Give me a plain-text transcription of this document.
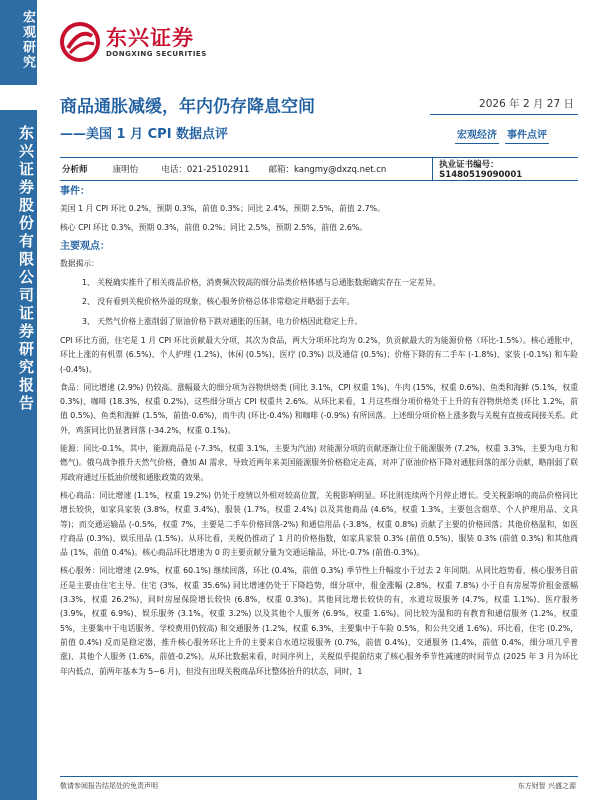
宏观研究
东兴证券股份有限公司证券研究报告
东兴证券
DONGXING SECURITIES
商品通胀减缓，年内仍存降息空间
——美国 1 月 CPI 数据点评
2026 年 2 月 27 日
宏观经济 事件点评
分析师	康明怡	电话：021-25102911	邮箱：kangmy@dxzq.net.cn	执业证书编号：S1480519090001
事件：
美国 1 月 CPI 环比 0.2%，预期 0.3%，前值 0.3%；同比 2.4%，预期 2.5%，前值 2.7%。
核心 CPI 环比 0.3%，预期 0.3%，前值 0.2%；同比 2.5%，预期 2.5%，前值 2.6%。
主要观点：
数据揭示：
1、 关税确实推升了相关商品价格，消费频次较高的细分品类价格体感与总通胀数据确实存在一定差异。
2、 没有看到关税价格外溢的现象，核心服务价格总体非常稳定并略弱于去年。
3、 天然气价格上涨削弱了原油价格下跌对通胀的压制，电力价格因此稳定上升。
CPI 环比方面，住宅是 1 月 CPI 环比贡献最大分项，其次为食品，两大分项环比均为 0.2%，负贡献最大的为能源价格（环比-1.5%）。核心通胀中，环比上涨的有机票 (6.5%)、个人护理 (1.2%)、休闲 (0.5%)、医疗 (0.3%) 以及通信 (0.5%)；价格下降的有二手车 (-1.8%)、家装 (-0.1%) 和车险 (-0.4%)。
食品：同比增速 (2.9%) 仍较高。涨幅最大的细分项为谷物烘焙类 (同比 3.1%，CPI 权重 1%)、牛肉 (15%，权重 0.6%)、鱼类和海鲜 (5.1%，权重 0.3%)、咖啡 (18.3%，权重 0.2%)，这些细分项占 CPI 权重共 2.6%。从环比来看，1 月这些细分项价格处于上升的有谷物烘焙类 (环比 1.2%，前值 0.5%)、鱼类和海鲜 (1.5%，前值-0.6%)，而牛肉 (环比-0.4%) 和咖啡 (-0.9%) 有所回落。上述细分项价格上涨多数与关税有直接或间接关系。此外，鸡蛋同比仍显著回落 (-34.2%，权重 0.1%)。
能源：同比-0.1%，其中，能源商品是 (-7.3%，权重 3.1%，主要为汽油) 对能源分项的贡献逐渐让位于能源服务 (7.2%，权重 3.3%，主要为电力和燃气)。俄乌战争推升天然气价格，叠加 AI 需求，导致近两年来美国能源服务价格稳定走高，对冲了原油价格下降对通胀回落的部分贡献，略削弱了联邦政府通过压低油价缓和通胀政策的效果。
核心商品：同比增速 (1.1%，权重 19.2%) 仍处于疫情以外相对较高位置，关税影响明显。环比则连续两个月停止增长。受关税影响的商品价格同比增长较快，如家具家装 (3.8%，权重 3.4%)、服装 (1.7%，权重 2.4%) 以及其他商品 (4.6%，权重 1.3%，主要包含烟草、个人护理用品、文具等)；而交通运输品 (-0.5%，权重 7%，主要是二手车价格回落-2%) 和通信用品 (-3.8%，权重 0.8%) 贡献了主要的价格回落；其他价格温和，如医疗商品 (0.3%)、娱乐用品 (1.5%)。从环比看，关税仍推动了 1 月的价格指数，如家具家装 0.3% (前值 0.5%)、服装 0.3% (前值 0.3%) 和其他商品 (1%，前值 0.4%)。核心商品环比增速为 0 的主要贡献分量为交通运输品，环比-0.7% (前值-0.3%)。
核心服务：同比增速 (2.9%，权重 60.1%) 继续回落，环比 (0.4%，前值 0.3%) 季节性上升幅度小于过去 2 年同期。从同比趋势看，核心服务目前还是主要由住宅主导。住宅 (3%，权重 35.6%) 同比增速仍处于下降趋势，细分项中，租金涨幅 (2.8%，权重 7.8%) 小于自有房屋等价租金涨幅 (3.3%，权重 26.2%)，同时房屋保险增长较快 (6.8%，权重 0.3%)。其他同比增长较快的有，水道垃圾服务 (4.7%，权重 1.1%)、医疗服务 (3.9%，权重 6.9%)、娱乐服务 (3.1%，权重 3.2%) 以及其他个人服务 (6.9%，权重 1.6%)。同比较为温和的有教育和通信服务 (1.2%，权重 5%，主要集中于电话服务、学校费用仍较高) 和交通服务 (1.2%，权重 6.3%，主要集中于车险 0.5%，和公共交通 1.6%)。环比看，住宅 (0.2%，前值 0.4%) 反而是稳定器，推升核心服务环比上升的主要来自水道垃圾服务 (0.7%，前值 0.4%)、交通服务 (1.4%，前值 0.4%，细分项几乎普涨)、其他个人服务 (1.6%，前值-0.2%)。从环比数据来看，时间序列上，关税似乎提前结束了核心服务季节性减速的时间节点 (2025 年 3 月为环比年内低点，前两年基本为 5~6 月)，但没有出现关税商品环比整体抬升的状态，同时，1
敬请参阅报告结尾处的免责声明	东方财智 兴盛之源
